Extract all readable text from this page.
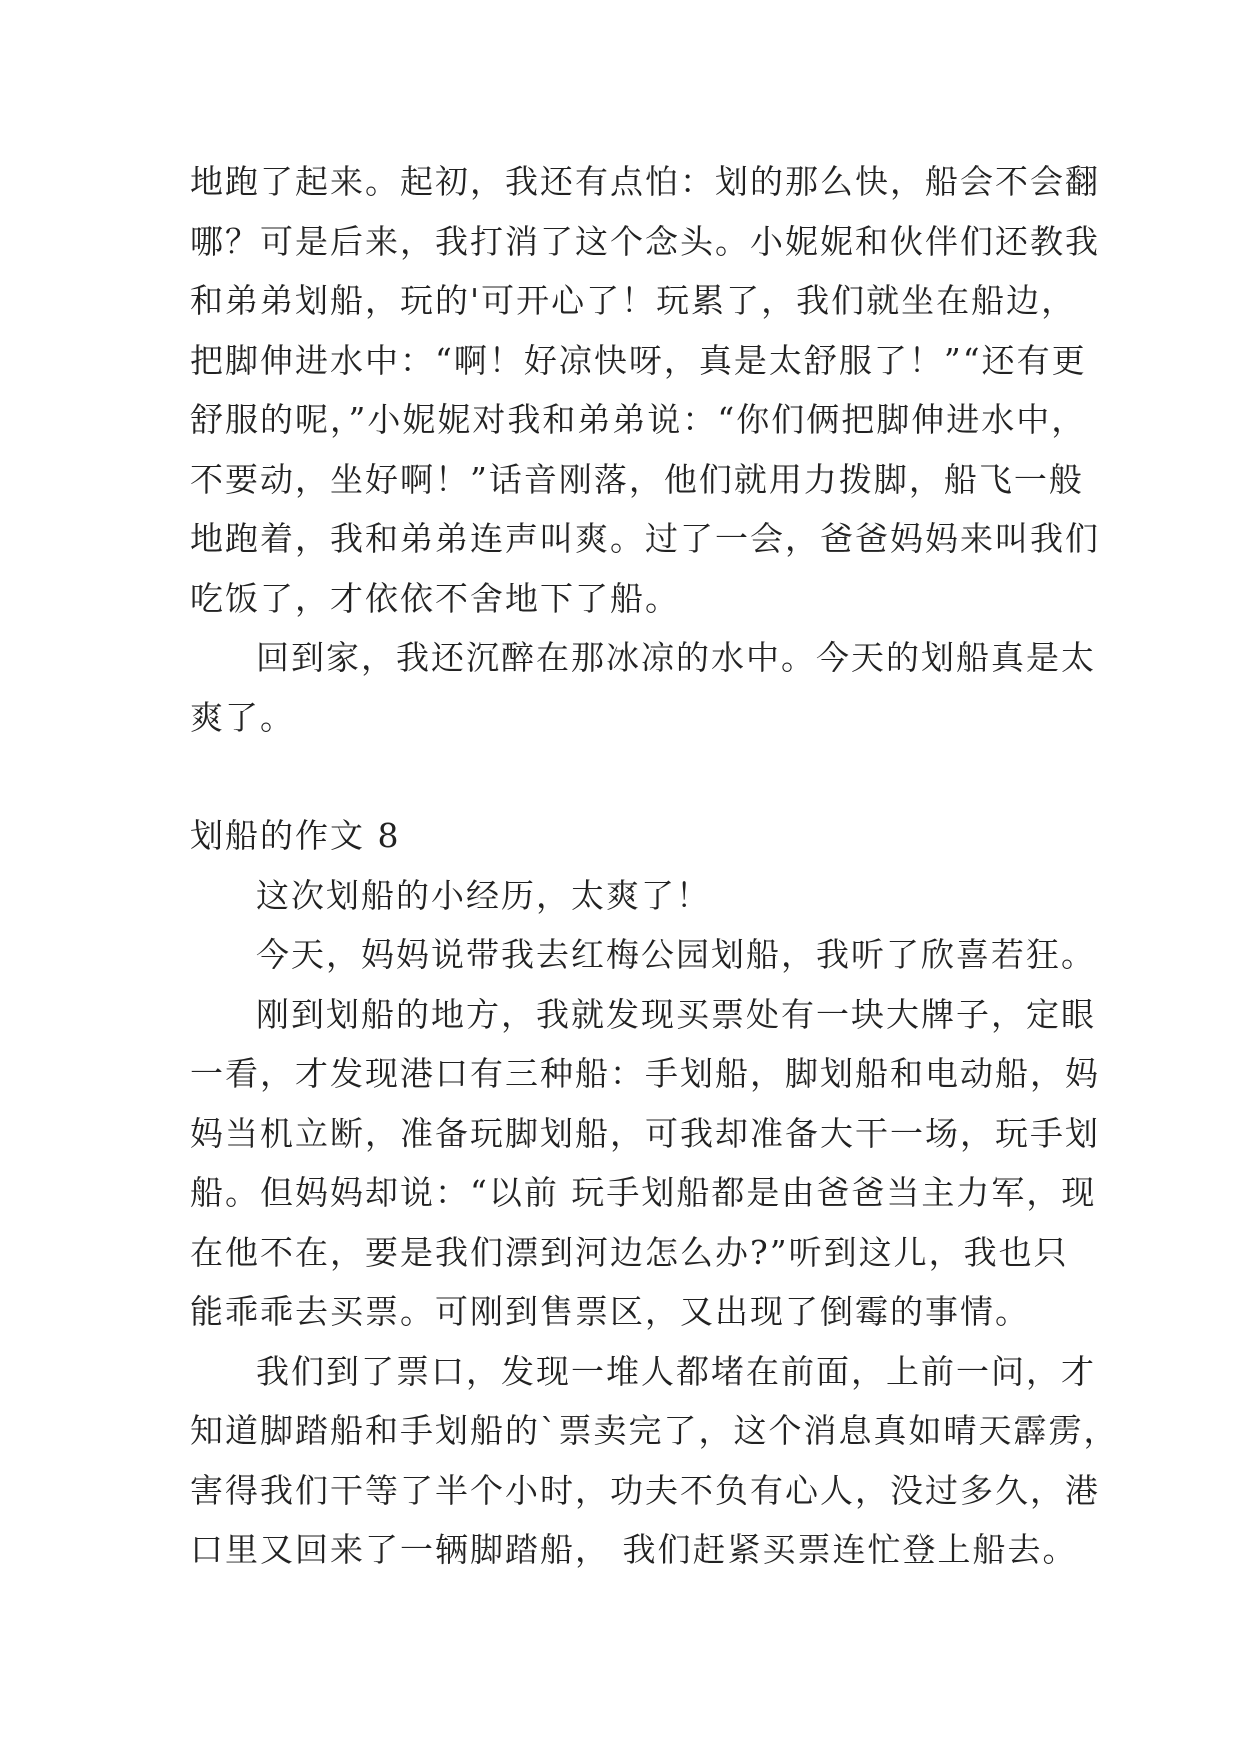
地跑了起来。起初，我还有点怕：划的那么快，船会不会翻
哪？可是后来，我打消了这个念头。小妮妮和伙伴们还教我
和弟弟划船，玩的'可开心了！玩累了，我们就坐在船边，
把脚伸进水中：“啊！好凉快呀，真是太舒服了！”“还有更
舒服的呢，”小妮妮对我和弟弟说：“你们俩把脚伸进水中，
不要动，坐好啊！”话音刚落，他们就用力拨脚，船飞一般
地跑着，我和弟弟连声叫爽。过了一会，爸爸妈妈来叫我们
吃饭了，才依依不舍地下了船。
回到家，我还沉醉在那冰凉的水中。今天的划船真是太
爽了。
划船的作文 8
这次划船的小经历，太爽了！
今天，妈妈说带我去红梅公园划船，我听了欣喜若狂。
刚到划船的地方，我就发现买票处有一块大牌子，定眼
一看，才发现港口有三种船：手划船，脚划船和电动船，妈
妈当机立断，准备玩脚划船，可我却准备大干一场，玩手划
船。但妈妈却说：“以前 玩手划船都是由爸爸当主力军，现
在他不在，要是我们漂到河边怎么办?”听到这儿，我也只
能乖乖去买票。可刚到售票区，又出现了倒霉的事情。
我们到了票口，发现一堆人都堵在前面，上前一问，才
知道脚踏船和手划船的`票卖完了，这个消息真如晴天霹雳，
害得我们干等了半个小时，功夫不负有心人，没过多久，港
口里又回来了一辆脚踏船， 我们赶紧买票连忙登上船去。
